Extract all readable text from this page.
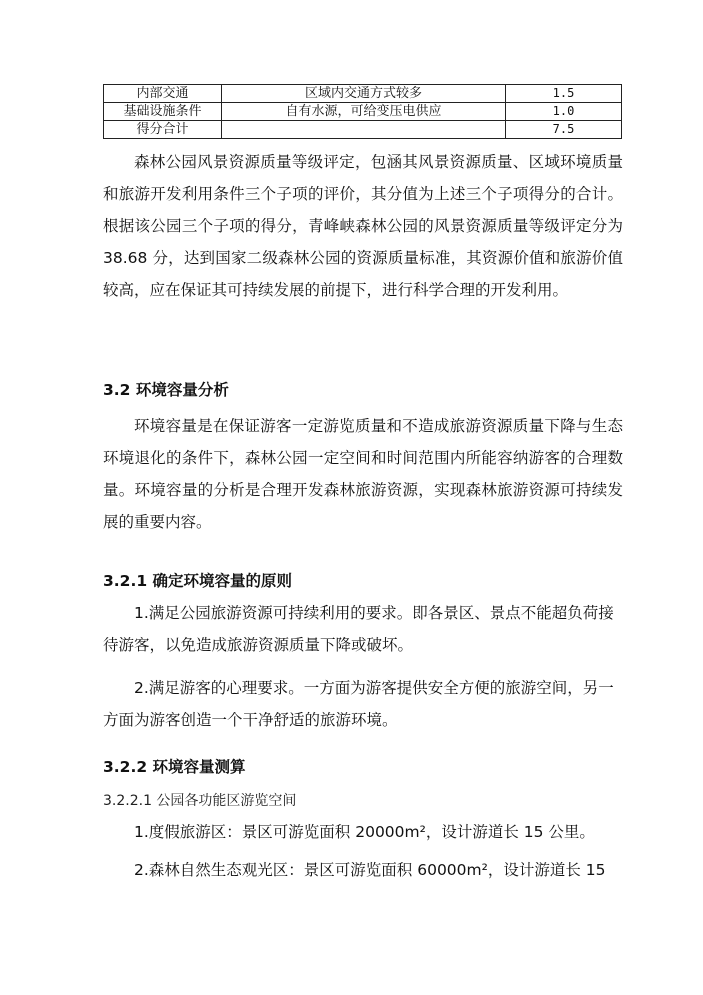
内部交通	区域内交通方式较多	1.5
基础设施条件	自有水源，可给变压电供应	1.0
得分合计		7.5

森林公园风景资源质量等级评定，包涵其风景资源质量、区域环境质量和旅游开发利用条件三个子项的评价，其分值为上述三个子项得分的合计。根据该公园三个子项的得分，青峰峡森林公园的风景资源质量等级评定分为 38.68 分，达到国家二级森林公园的资源质量标准，其资源价值和旅游价值较高，应在保证其可持续发展的前提下，进行科学合理的开发利用。

3.2 环境容量分析

环境容量是在保证游客一定游览质量和不造成旅游资源质量下降与生态环境退化的条件下，森林公园一定空间和时间范围内所能容纳游客的合理数量。环境容量的分析是合理开发森林旅游资源，实现森林旅游资源可持续发展的重要内容。

3.2.1 确定环境容量的原则

1.满足公园旅游资源可持续利用的要求。即各景区、景点不能超负荷接待游客，以免造成旅游资源质量下降或破坏。

2.满足游客的心理要求。一方面为游客提供安全方便的旅游空间，另一方面为游客创造一个干净舒适的旅游环境。

3.2.2 环境容量测算

3.2.2.1 公园各功能区游览空间

1.度假旅游区：景区可游览面积 20000m²，设计游道长 15 公里。

2.森林自然生态观光区：景区可游览面积 60000m²，设计游道长 15
